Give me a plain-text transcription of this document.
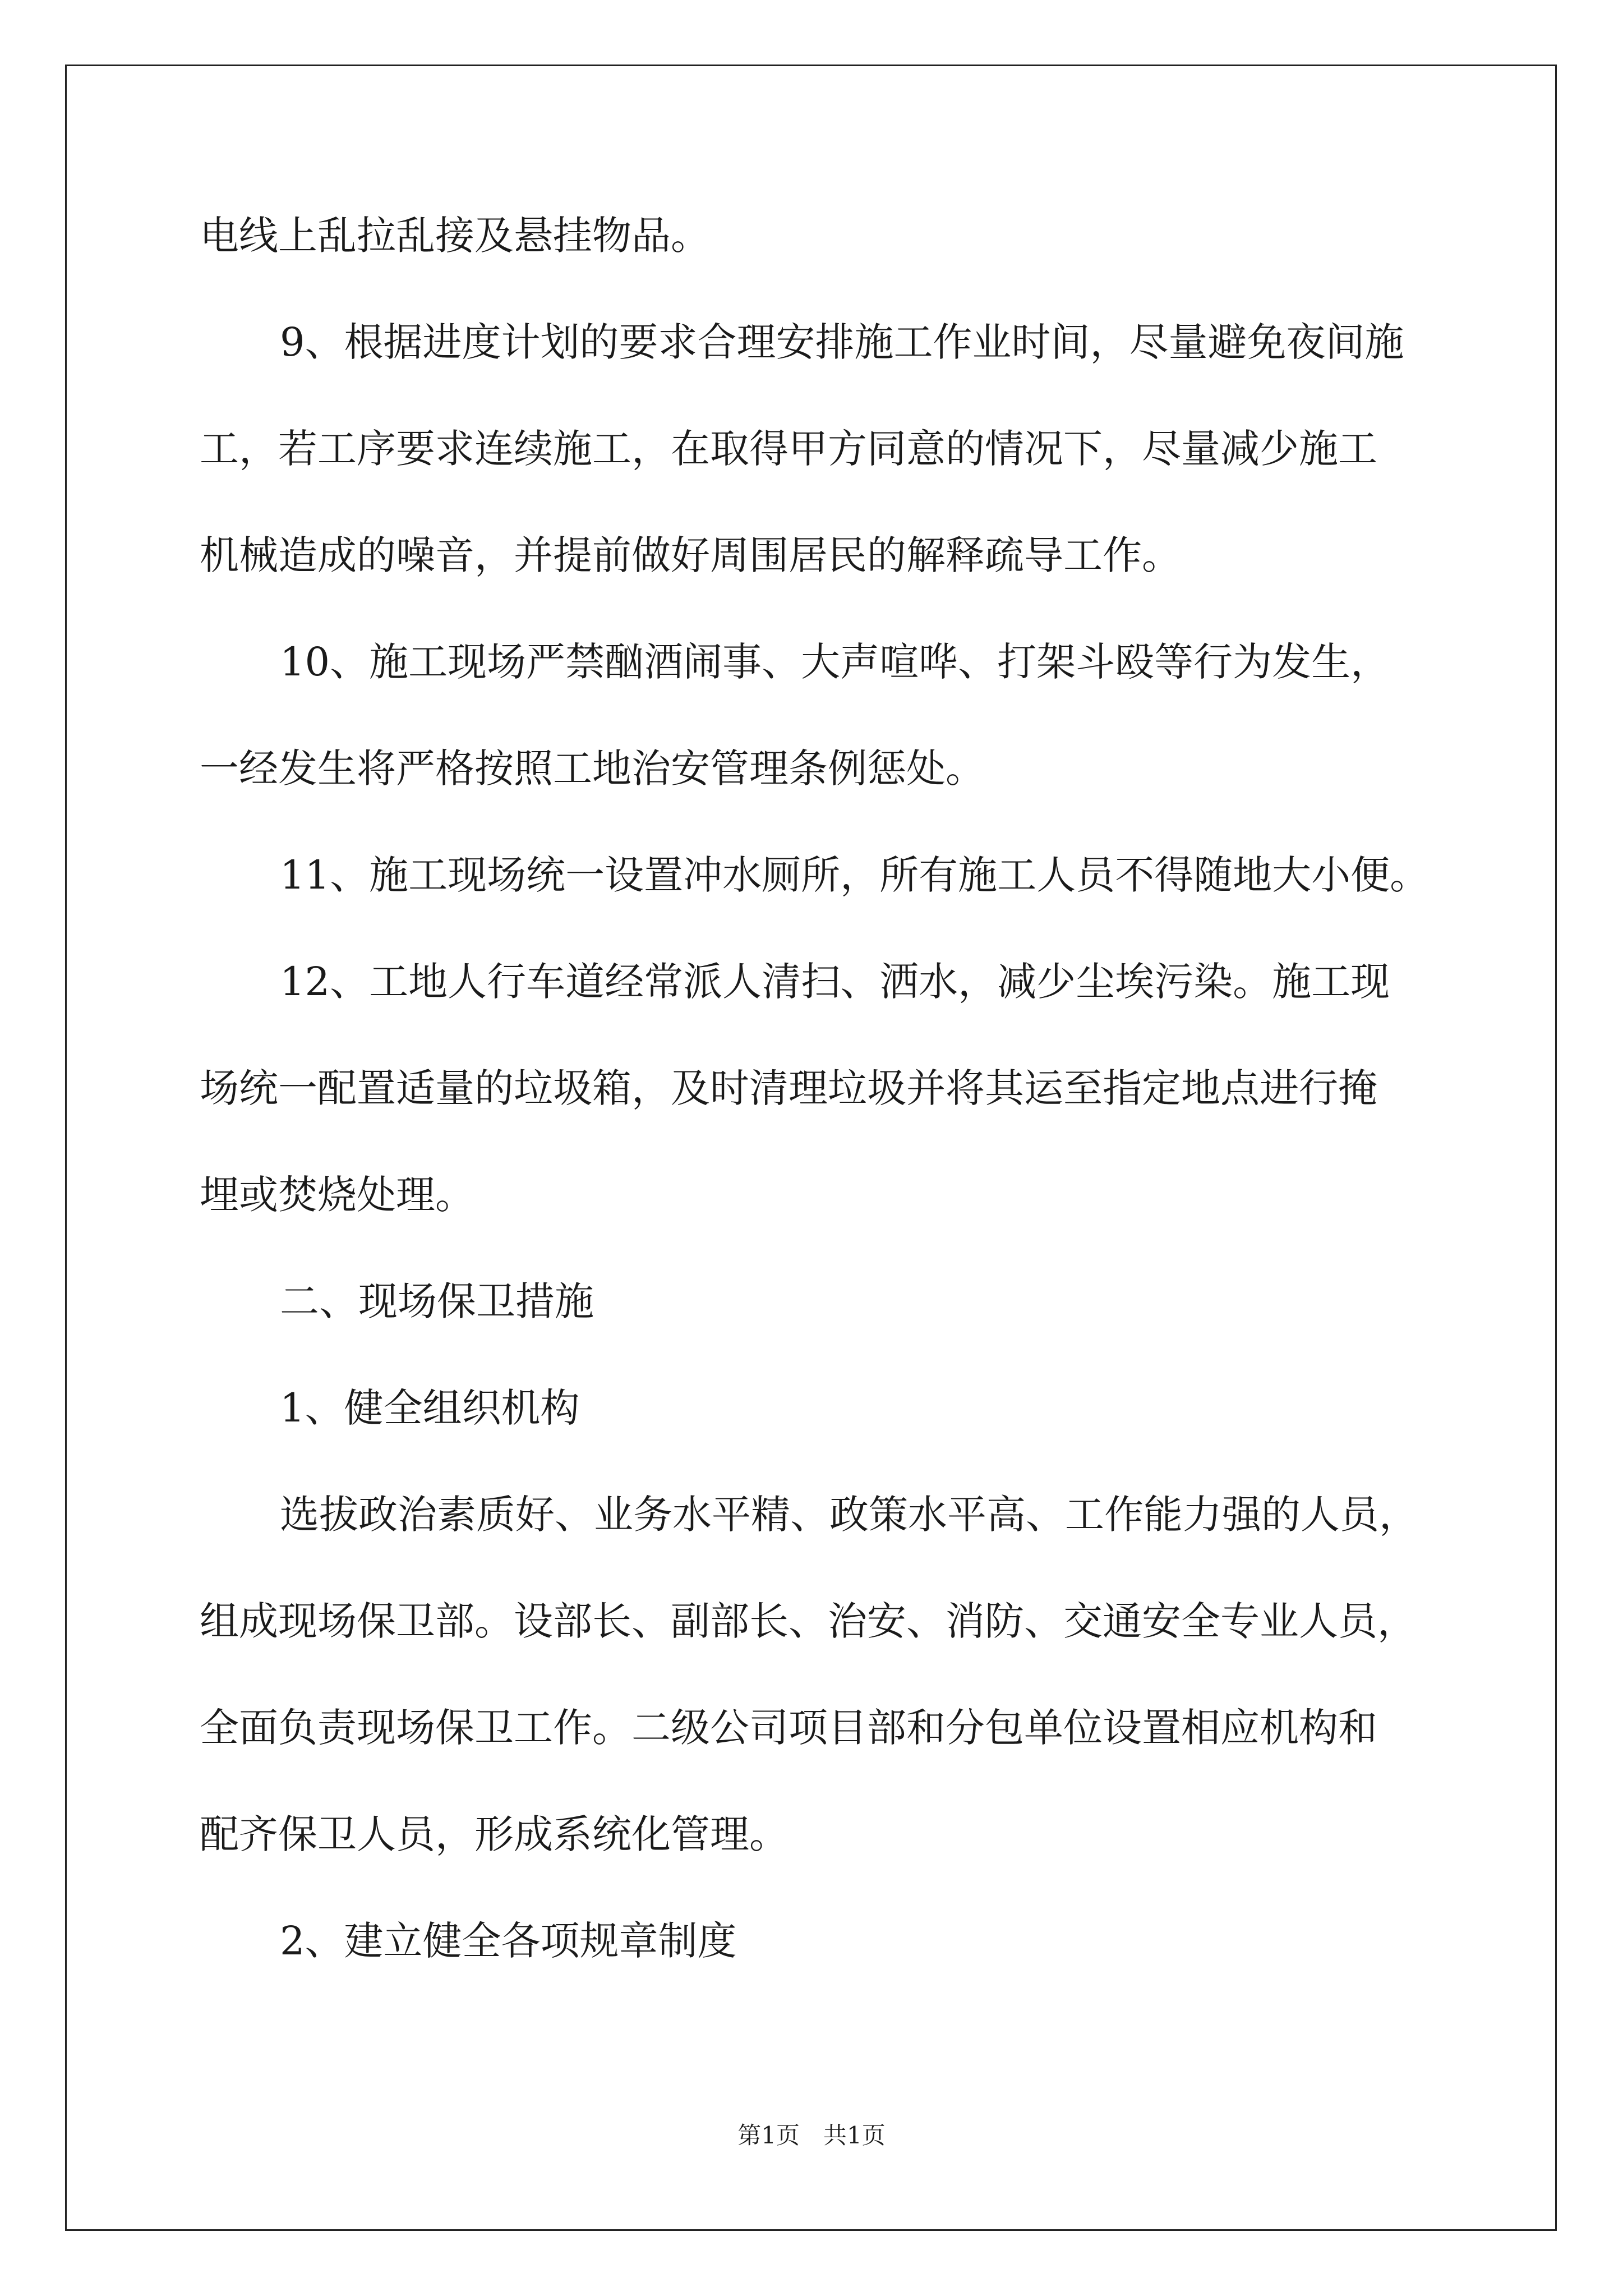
电线上乱拉乱接及悬挂物品。
9、根据进度计划的要求合理安排施工作业时间，尽量避免夜间施
工，若工序要求连续施工，在取得甲方同意的情况下，尽量减少施工
机械造成的噪音，并提前做好周围居民的解释疏导工作。
10、施工现场严禁酗酒闹事、大声喧哗、打架斗殴等行为发生，
一经发生将严格按照工地治安管理条例惩处。
11、施工现场统一设置冲水厕所，所有施工人员不得随地大小便。
12、工地人行车道经常派人清扫、洒水，减少尘埃污染。施工现
场统一配置适量的垃圾箱，及时清理垃圾并将其运至指定地点进行掩
埋或焚烧处理。
二、现场保卫措施
1、健全组织机构
选拔政治素质好、业务水平精、政策水平高、工作能力强的人员，
组成现场保卫部。设部长、副部长、治安、消防、交通安全专业人员，
全面负责现场保卫工作。二级公司项目部和分包单位设置相应机构和
配齐保卫人员，形成系统化管理。
2、建立健全各项规章制度
第1页　共1页
